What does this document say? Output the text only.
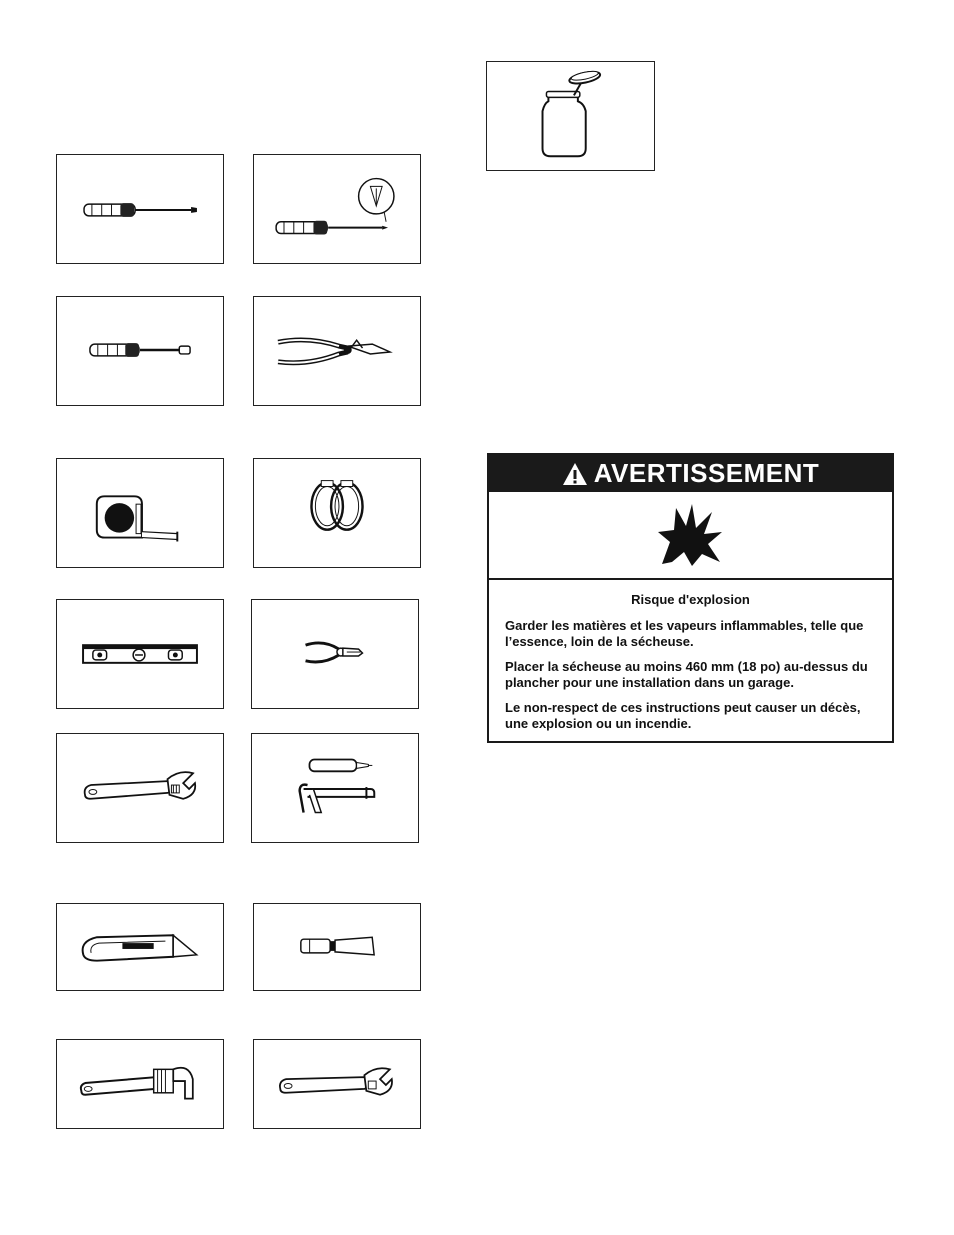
AVERTISSEMENT
Risque d'explosion

Garder les matières et les vapeurs inflammables, telle que l’essence, loin de la sécheuse.

Placer la sécheuse au moins 460 mm (18 po) au-dessus du plancher pour une installation dans un garage.

Le non-respect de ces instructions peut causer un décès, une explosion ou un incendie.
